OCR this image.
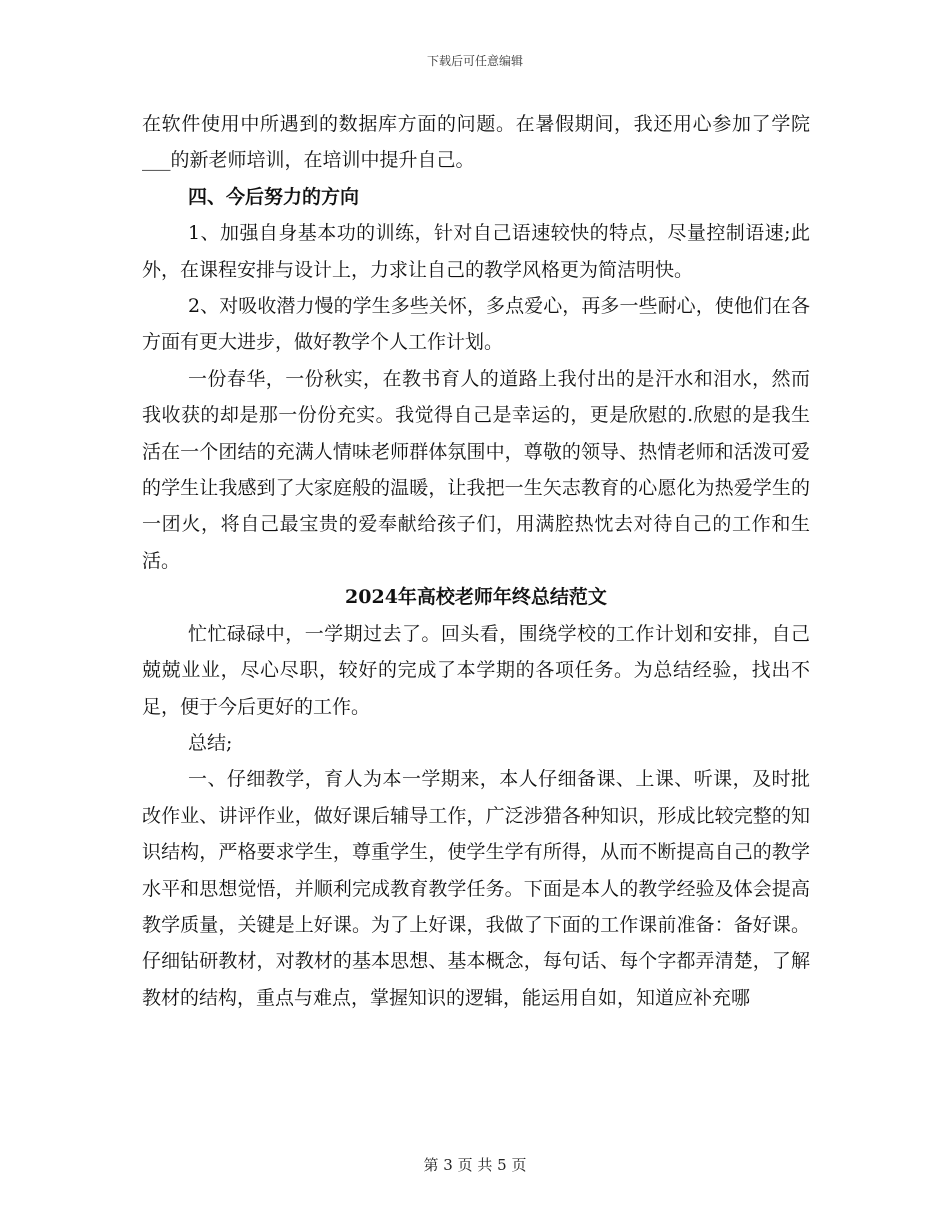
下载后可任意编辑

在软件使用中所遇到的数据库方面的问题。在暑假期间，我还用心参加了学院___的新老师培训，在培训中提升自己。

四、今后努力的方向

1、加强自身基本功的训练，针对自己语速较快的特点，尽量控制语速;此外，在课程安排与设计上，力求让自己的教学风格更为简洁明快。

2、对吸收潜力慢的学生多些关怀，多点爱心，再多一些耐心，使他们在各方面有更大进步，做好教学个人工作计划。

一份春华，一份秋实，在教书育人的道路上我付出的是汗水和泪水，然而我收获的却是那一份份充实。我觉得自己是幸运的，更是欣慰的.欣慰的是我生活在一个团结的充满人情味老师群体氛围中，尊敬的领导、热情老师和活泼可爱的学生让我感到了大家庭般的温暖，让我把一生矢志教育的心愿化为热爱学生的一团火，将自己最宝贵的爱奉献给孩子们，用满腔热忱去对待自己的工作和生活。

2024年高校老师年终总结范文

忙忙碌碌中，一学期过去了。回头看，围绕学校的工作计划和安排，自己兢兢业业，尽心尽职，较好的完成了本学期的各项任务。为总结经验，找出不足，便于今后更好的工作。

总结;

一、仔细教学，育人为本一学期来，本人仔细备课、上课、听课，及时批改作业、讲评作业，做好课后辅导工作，广泛涉猎各种知识，形成比较完整的知识结构，严格要求学生，尊重学生，使学生学有所得，从而不断提高自己的教学水平和思想觉悟，并顺利完成教育教学任务。下面是本人的教学经验及体会提高教学质量，关键是上好课。为了上好课，我做了下面的工作课前准备：备好课。仔细钻研教材，对教材的基本思想、基本概念，每句话、每个字都弄清楚，了解教材的结构，重点与难点，掌握知识的逻辑，能运用自如，知道应补充哪

第 3 页 共 5 页
